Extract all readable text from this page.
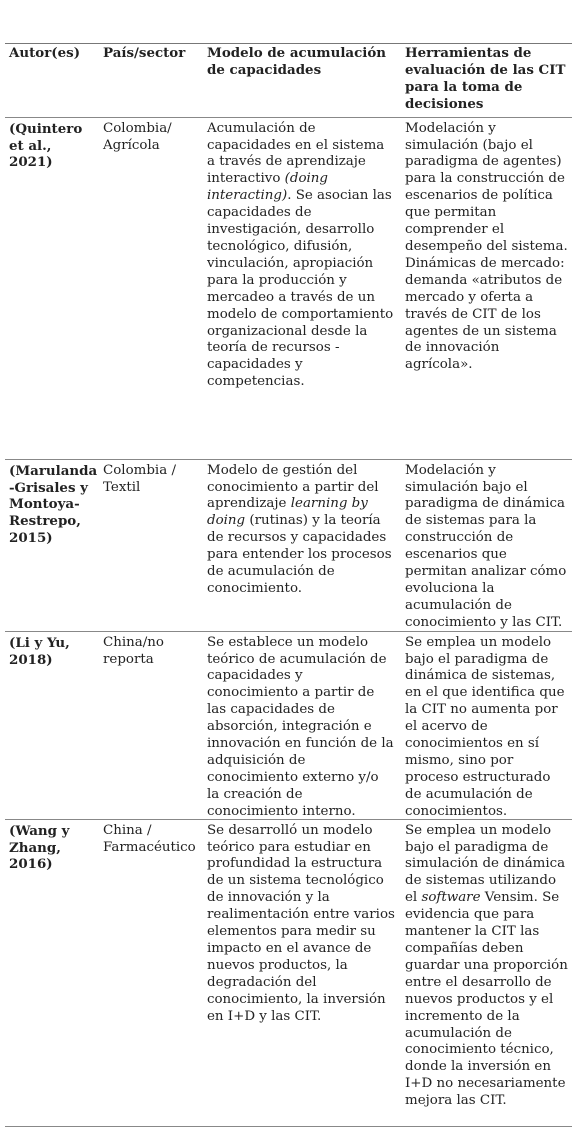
Autor(es)	País/sector	Modelo de acumulación de capacidades
Herramientas de evaluación de las CIT para la toma de decisiones
(Quintero et al., 2021)
Colombia/ Agrícola
Acumulación de capacidades en el sistema a través de aprendizaje interactivo (doing interacting). Se asocian las capacidades de investigación, desarrollo tecnológico, difusión, vinculación, apropiación para la producción y mercadeo a través de un modelo de comportamiento organizacional desde la teoría de recursos - capacidades y competencias.
Modelación y simulación (bajo el paradigma de agentes) para la construcción de escenarios de política que permitan comprender el desempeño del sistema. Dinámicas de mercado: demanda «atributos de mercado y oferta a través de CIT de los agentes de un sistema de innovación agrícola».
(Marulanda -Grisales y Montoya-Restrepo, 2015)
Colombia / Textil
Modelo de gestión del conocimiento a partir del aprendizaje learning by doing (rutinas) y la teoría de recursos y capacidades para entender los procesos de acumulación de conocimiento.
Modelación y simulación bajo el paradigma de dinámica de sistemas para la construcción de escenarios que permitan analizar cómo evoluciona la acumulación de conocimiento y las CIT.
(Li y Yu, 2018)
China/no reporta
Se establece un modelo teórico de acumulación de capacidades y conocimiento a partir de las capacidades de absorción, integración e innovación en función de la adquisición de conocimiento externo y/o la creación de conocimiento interno.
Se emplea un modelo bajo el paradigma de dinámica de sistemas, en el que identifica que la CIT no aumenta por el acervo de conocimientos en sí mismo, sino por proceso estructurado de acumulación de conocimientos.
(Wang y Zhang, 2016)
China / Farmacéutico
Se desarrolló un modelo teórico para estudiar en profundidad la estructura de un sistema tecnológico de innovación y la realimentación entre varios elementos para medir su impacto en el avance de nuevos productos, la degradación del conocimiento, la inversión en I+D y las CIT.
Se emplea un modelo bajo el paradigma de simulación de dinámica de sistemas utilizando el software Vensim. Se evidencia que para mantener la CIT las compañías deben guardar una proporción entre el desarrollo de nuevos productos y el incremento de la acumulación de conocimiento técnico, donde la inversión en I+D no necesariamente mejora las CIT.
